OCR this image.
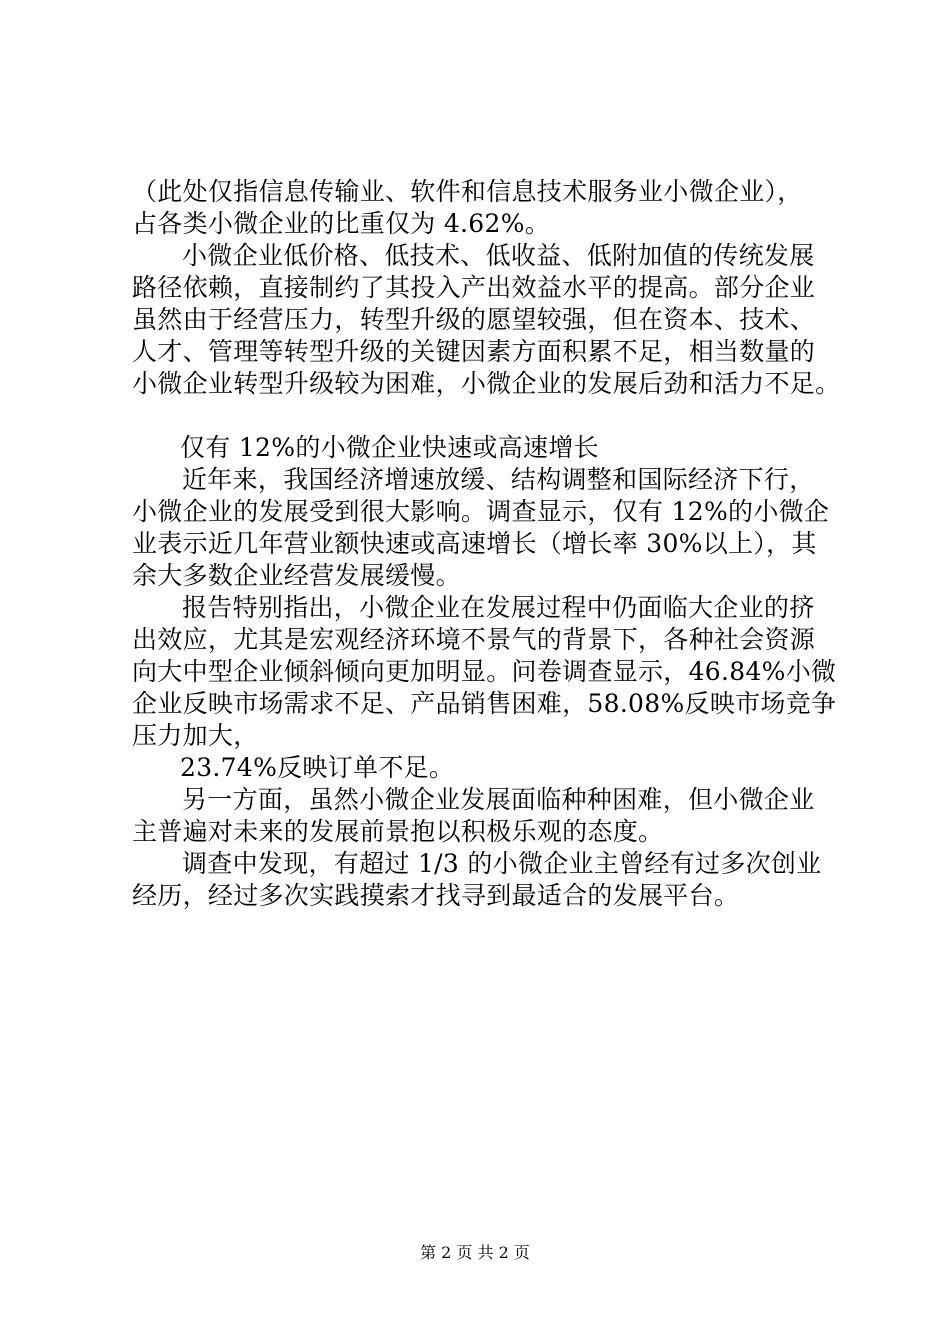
（此处仅指信息传输业、软件和信息技术服务业小微企业），
占各类小微企业的比重仅为 4.62%。
小微企业低价格、低技术、低收益、低附加值的传统发展
路径依赖，直接制约了其投入产出效益水平的提高。部分企业
虽然由于经营压力，转型升级的愿望较强，但在资本、技术、
人才、管理等转型升级的关键因素方面积累不足，相当数量的
小微企业转型升级较为困难，小微企业的发展后劲和活力不足。
仅有 12%的小微企业快速或高速增长
近年来，我国经济增速放缓、结构调整和国际经济下行，
小微企业的发展受到很大影响。调查显示，仅有 12%的小微企
业表示近几年营业额快速或高速增长（增长率 30%以上），其
余大多数企业经营发展缓慢。
报告特别指出，小微企业在发展过程中仍面临大企业的挤
出效应，尤其是宏观经济环境不景气的背景下，各种社会资源
向大中型企业倾斜倾向更加明显。问卷调查显示，46.84%小微
企业反映市场需求不足、产品销售困难，58.08%反映市场竞争
压力加大，
23.74%反映订单不足。
另一方面，虽然小微企业发展面临种种困难，但小微企业
主普遍对未来的发展前景抱以积极乐观的态度。
调查中发现，有超过 1/3 的小微企业主曾经有过多次创业
经历，经过多次实践摸索才找寻到最适合的发展平台。
第 2 页 共 2 页
